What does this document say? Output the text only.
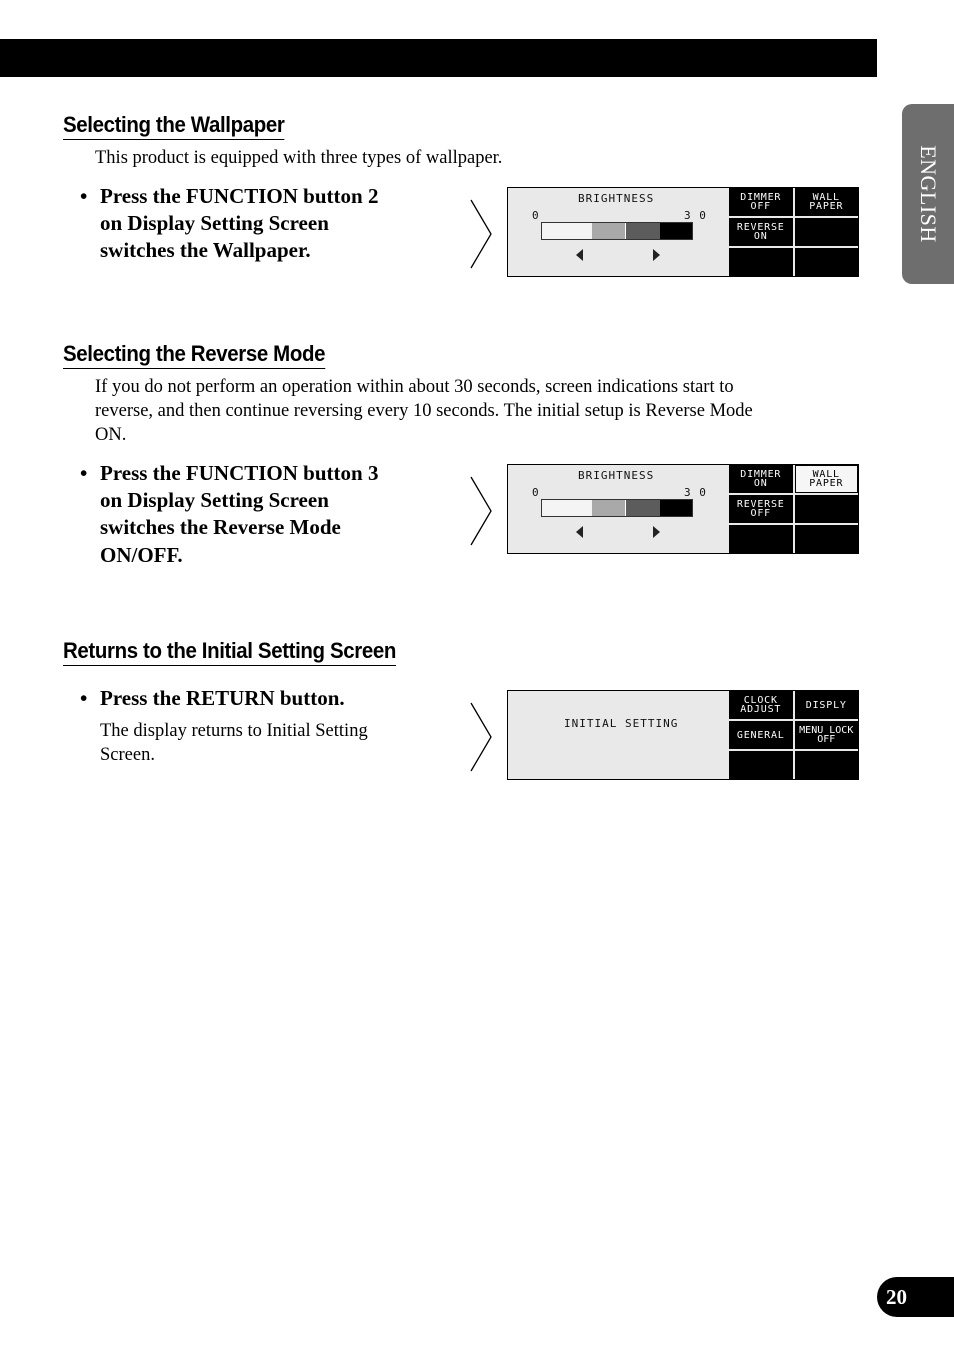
ENGLISH
Selecting the Wallpaper

This product is equipped with three types of wallpaper.

• Press the FUNCTION button 2
on Display Setting Screen
switches the Wallpaper.
BRIGHTNESS
0	3 0
DIMMER
OFF
WALL
PAPER
REVERSE
ON
Selecting the Reverse Mode

If you do not perform an operation within about 30 seconds, screen indications start to
reverse, and then continue reversing every 10 seconds. The initial setup is Reverse Mode
ON.

• Press the FUNCTION button 3
on Display Setting Screen
switches the Reverse Mode
ON/OFF.
BRIGHTNESS
0	3 0
DIMMER
ON
WALL
PAPER
REVERSE
OFF
Returns to the Initial Setting Screen
• Press the RETURN button.

The display returns to Initial Setting
Screen.

INITIAL SETTING
CLOCK
ADJUST DISPLY
GENERAL MENU LOCK
OFF
20
